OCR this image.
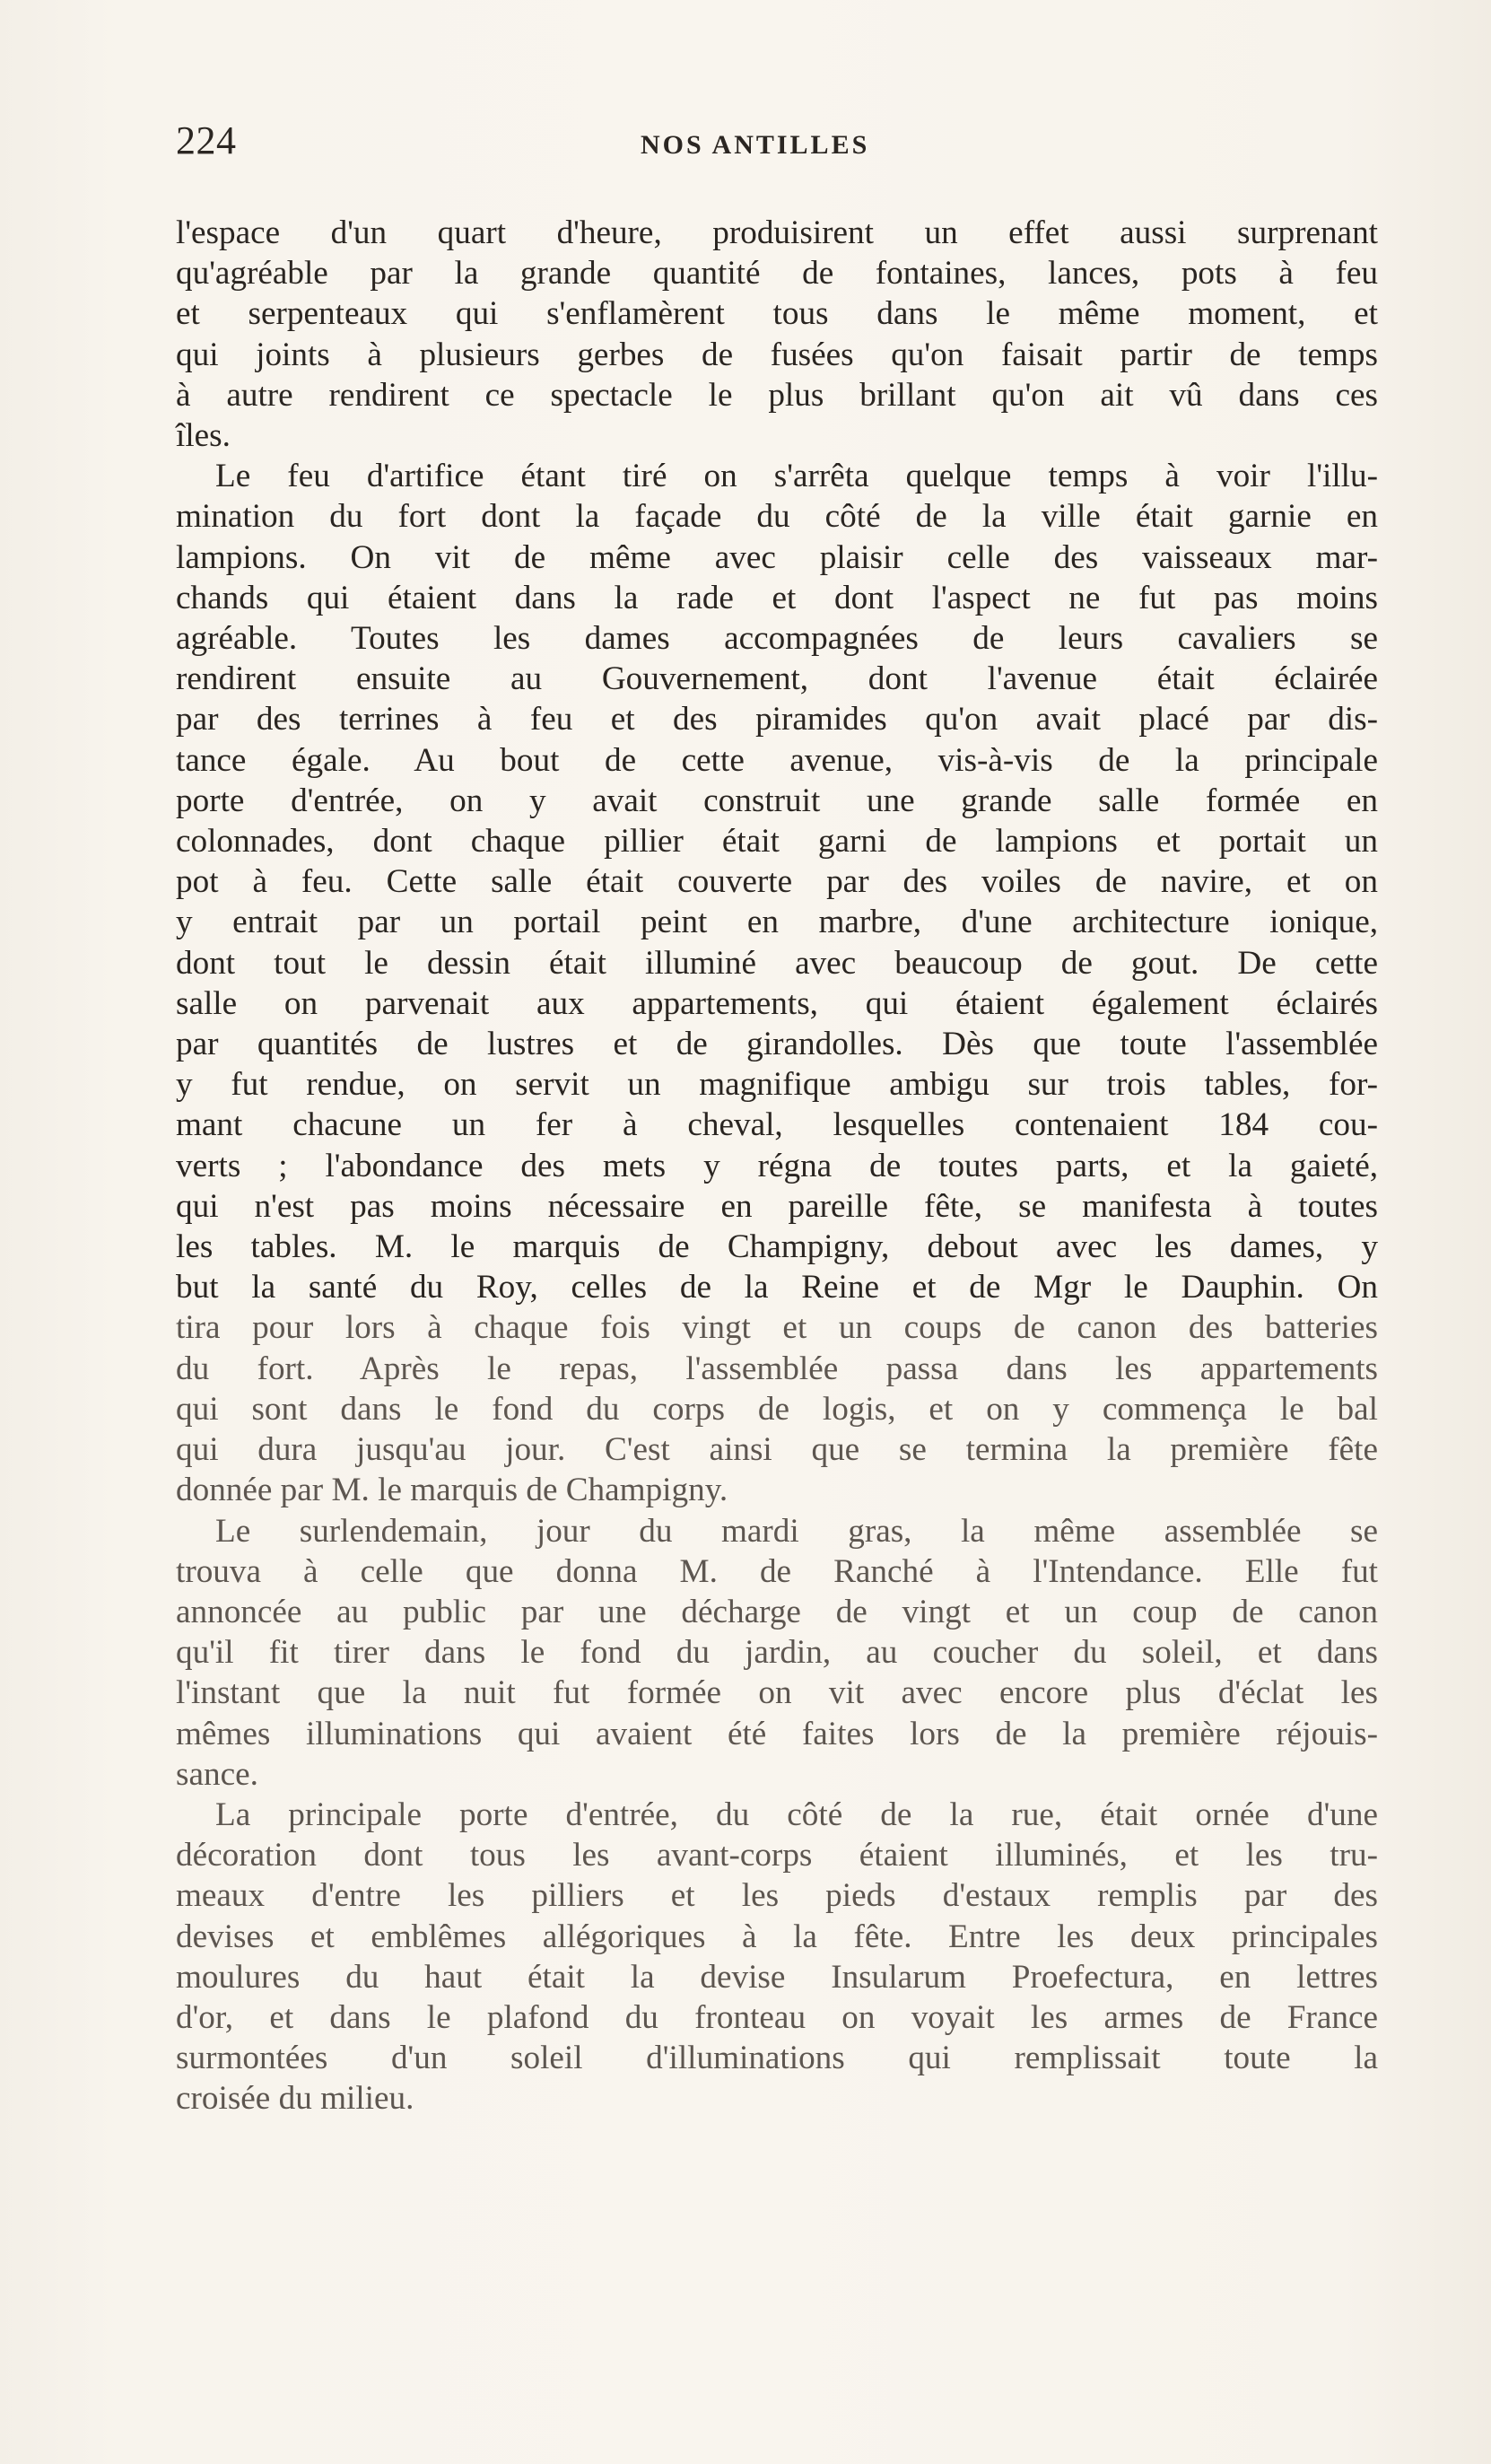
224	NOS ANTILLES
l'espace d'un quart d'heure, produisirent un effet aussi surprenant
qu'agréable par la grande quantité de fontaines, lances, pots à feu
et serpenteaux qui s'enflamèrent tous dans le même moment, et
qui joints à plusieurs gerbes de fusées qu'on faisait partir de temps
à autre rendirent ce spectacle le plus brillant qu'on ait vû dans ces
îles.
Le feu d'artifice étant tiré on s'arrêta quelque temps à voir l'illu-
mination du fort dont la façade du côté de la ville était garnie en
lampions. On vit de même avec plaisir celle des vaisseaux mar-
chands qui étaient dans la rade et dont l'aspect ne fut pas moins
agréable. Toutes les dames accompagnées de leurs cavaliers se
rendirent ensuite au Gouvernement, dont l'avenue était éclairée
par des terrines à feu et des piramides qu'on avait placé par dis-
tance égale. Au bout de cette avenue, vis-à-vis de la principale
porte d'entrée, on y avait construit une grande salle formée en
colonnades, dont chaque pillier était garni de lampions et portait un
pot à feu. Cette salle était couverte par des voiles de navire, et on
y entrait par un portail peint en marbre, d'une architecture ionique,
dont tout le dessin était illuminé avec beaucoup de gout. De cette
salle on parvenait aux appartements, qui étaient également éclairés
par quantités de lustres et de girandolles. Dès que toute l'assemblée
y fut rendue, on servit un magnifique ambigu sur trois tables, for-
mant chacune un fer à cheval, lesquelles contenaient 184 cou-
verts ; l'abondance des mets y régna de toutes parts, et la gaieté,
qui n'est pas moins nécessaire en pareille fête, se manifesta à toutes
les tables. M. le marquis de Champigny, debout avec les dames, y
but la santé du Roy, celles de la Reine et de Mgr le Dauphin. On
tira pour lors à chaque fois vingt et un coups de canon des batteries
du fort. Après le repas, l'assemblée passa dans les appartements
qui sont dans le fond du corps de logis, et on y commença le bal
qui dura jusqu'au jour. C'est ainsi que se termina la première fête
donnée par M. le marquis de Champigny.
Le surlendemain, jour du mardi gras, la même assemblée se
trouva à celle que donna M. de Ranché à l'Intendance. Elle fut
annoncée au public par une décharge de vingt et un coup de canon
qu'il fit tirer dans le fond du jardin, au coucher du soleil, et dans
l'instant que la nuit fut formée on vit avec encore plus d'éclat les
mêmes illuminations qui avaient été faites lors de la première réjouis-
sance.
La principale porte d'entrée, du côté de la rue, était ornée d'une
décoration dont tous les avant-corps étaient illuminés, et les tru-
meaux d'entre les pilliers et les pieds d'estaux remplis par des
devises et emblêmes allégoriques à la fête. Entre les deux principales
moulures du haut était la devise Insularum Proefectura, en lettres
d'or, et dans le plafond du fronteau on voyait les armes de France
surmontées d'un soleil d'illuminations qui remplissait toute la
croisée du milieu.
